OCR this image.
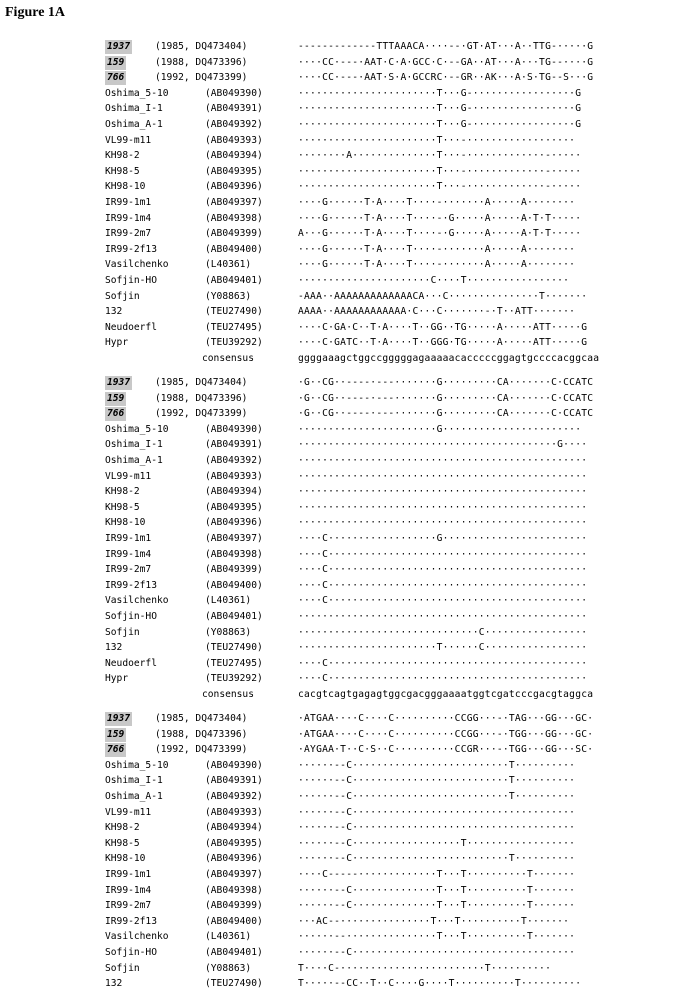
Figure 1A
1937	(1985, DQ473404)	-------------TTTAAACA····--·GT·AT···A··TTG-·····G
159	(1988, DQ473396)	····CC·---·AAT·C·A·GCC·C·--GA··AT···A···TG--····G
766	(1992, DQ473399)	····CC·---·AAT·S·A·GCCRC·--GR··AK···A·S·TG--S···G
Oshima_5-10	(AB049390)	·······················T···G-·················G
Oshima_I-1	(AB049391)	·······················T···G-·················G
Oshima_A-1	(AB049392)	·······················T···G-·················G
VL99-m11	(AB049393)	·······················T···-··················
KH98-2	(AB049394)	········A··············T···-·············-·····
KH98-5	(AB049395)	·······················T···-·············-·····
KH98-10	(AB049396)	·······················T···-·············-·····
IR99-1m1	(AB049397)	····G······T·A····T····-·······A·····A········
IR99-1m4	(AB049398)	····G······T·A····T····-·G·····A·····A·T·T·····
IR99-2m7	(AB049399)	A···G······T·A····T····-·G·····A·····A·T·T·····
IR99-2f13	(AB049400)	····G······T·A····T····-·······A·····A········
Vasilchenko	(L40361)	····G······T·A····T····-·······A·····A········
Sofjin-HO	(AB049401)	······················C····T·················
Sofjin	(Y08863)	-AAA··AAAAAAAAAAAAACA···C···············T·······
132	(TEU27490)	AAAA··AAAAAAAAAAAA·C···C·······-·T··ATT·······
Neudoerfl	(TEU27495)	····C·GA·C··T·A····T··GG··TG·····A·····ATT·····G
Hypr	(TEU39292)	····C·GATC··T·A····T··GGG·TG·····A·····ATT·····G
consensus	ggggaaagctggccgggggagaaaaacacccccggagtgccccacggcaa
1937	(1985, DQ473404)	·G··CG··----·---·······G·········CA·······C·CCATC
159	(1988, DQ473396)	·G··CG··----·---·······G·········CA·······C·CCATC
766	(1992, DQ473399)	·G··CG··----·---·······G·········CA·······C·CCATC
Oshima_5-10	(AB049390)	·······················G·······················
Oshima_I-1	(AB049391)	···········································G····
Oshima_A-1	(AB049392)	················································
VL99-m11	(AB049393)	················································
KH98-2	(AB049394)	················································
KH98-5	(AB049395)	················································
KH98-10	(AB049396)	················································
IR99-1m1	(AB049397)	····C··················G························
IR99-1m4	(AB049398)	····C···········································
IR99-2m7	(AB049399)	····C···········································
IR99-2f13	(AB049400)	····C···········································
Vasilchenko	(L40361)	····C···········································
Sofjin-HO	(AB049401)	················································
Sofjin	(Y08863)	······························C·················
132	(TEU27490)	·······················T······C·················
Neudoerfl	(TEU27495)	····C···········································
Hypr	(TEU39292)	····C···········································
consensus	cacgtcagtgagagtggcgacgggaaaatggtcgatcccgacgtaggca
1937	(1985, DQ473404)	·ATGAA····C····C··········CCGG···-·TAG···GG···GC·
159	(1988, DQ473396)	·ATGAA····C····C··········CCGG···-·TGG···GG···GC·
766	(1992, DQ473399)	·AYGAA·T··C·S··C··········CCGR···-·TGG···GG···SC·
Oshima_5-10	(AB049390)	······--C··························T··········
Oshima_I-1	(AB049391)	······--C··························T··········
Oshima_A-1	(AB049392)	······--C··························T··········
VL99-m11	(AB049393)	······--C·····································
KH98-2	(AB049394)	······--C·····································
KH98-5	(AB049395)	······--C··················T··················
KH98-10	(AB049396)	······--C··························T··········
IR99-1m1	(AB049397)	····C-----·············T···T··········T·······
IR99-1m4	(AB049398)	······--C··············T···T··········T·······
IR99-2m7	(AB049399)	······--C··············T···T··········T·······
IR99-2f13	(AB049400)	···AC--···············T···T··········T·······
Vasilchenko	(L40361)	······--···············T···T··········T·······
Sofjin-HO	(AB049401)	······--C·····································
Sofjin	(Y08863)	T····C-························T··········
132	(TEU27490)	T·····--CC··T··C····G····T··········T··········
